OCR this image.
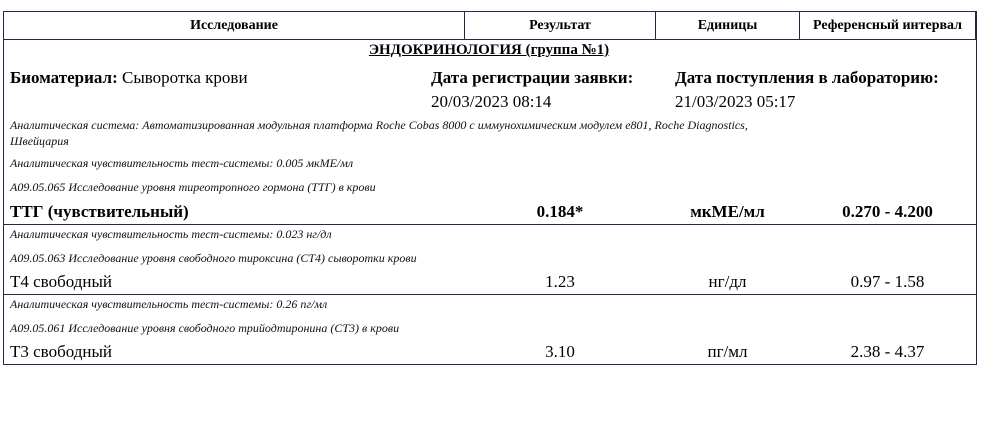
Исследование	Результат	Единицы	Референсный интервал
ЭНДОКРИНОЛОГИЯ (группа №1)
Биоматериал: Сыворотка крови	Дата регистрации заявки:
20/03/2023 08:14
Дата поступления в лабораторию:
21/03/2023 05:17
Аналитическая система: Автоматизированная модульная платформа Roche Cobas 8000 с иммунохимическим модулем e801, Roche Diagnostics,
Швейцария
Аналитическая чувствительность тест-системы: 0.005 мкМЕ/мл
А09.05.065 Исследование уровня тиреотропного гормона (ТТГ) в крови
ТТГ (чувствительный)	0.184*	мкМЕ/мл	0.270 - 4.200
Аналитическая чувствительность тест-системы: 0.023 нг/дл
А09.05.063 Исследование уровня свободного тироксина (СТ4) сыворотки крови
Т4 свободный	1.23	нг/дл	0.97 - 1.58
Аналитическая чувствительность тест-системы: 0.26 пг/мл
А09.05.061 Исследование уровня свободного трийодтиронина (СТ3) в крови
Т3 свободный	3.10	пг/мл	2.38 - 4.37
